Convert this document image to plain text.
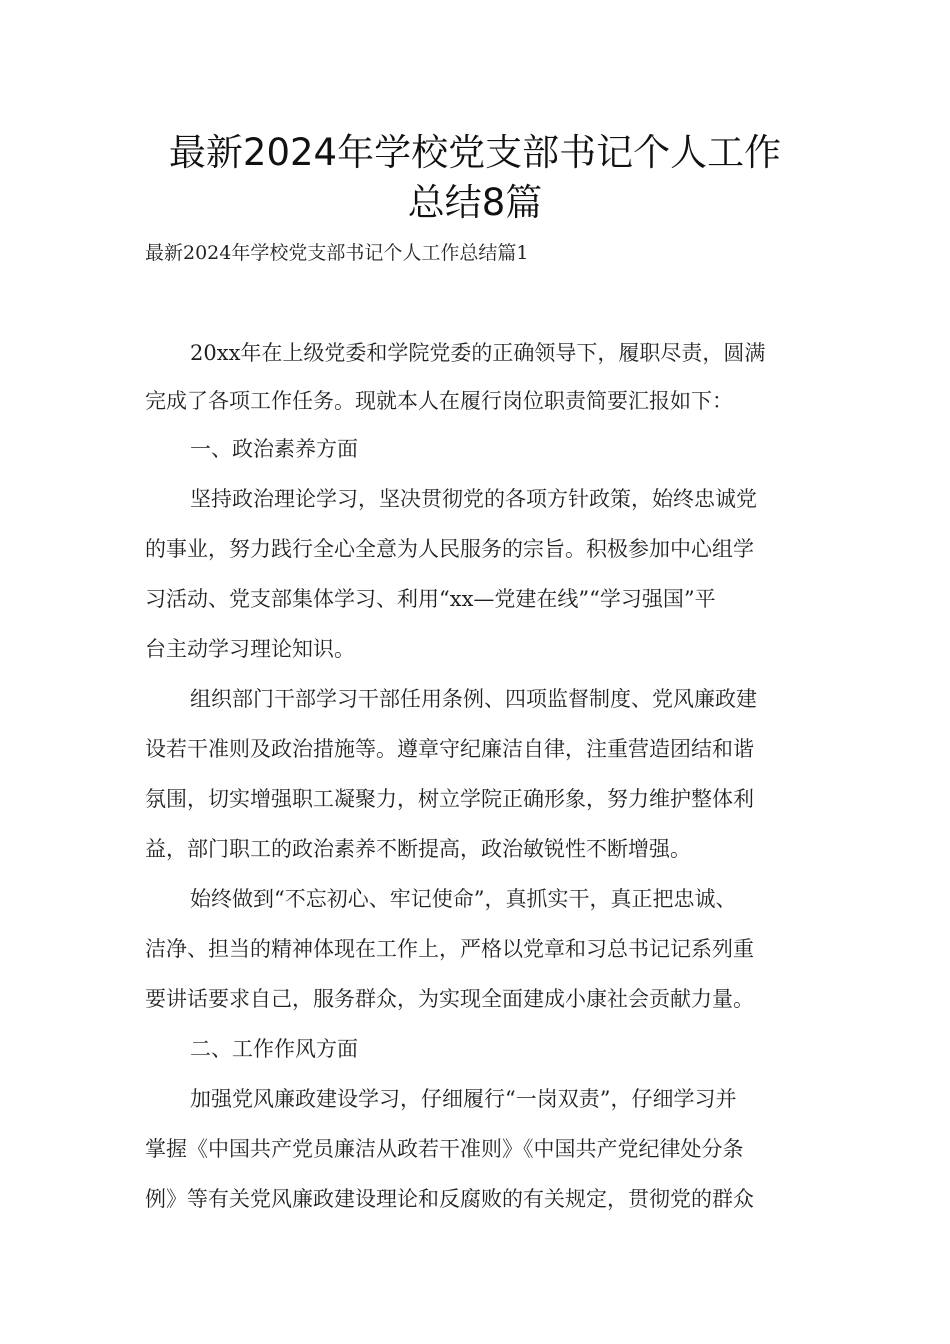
最新2024年学校党支部书记个人工作
总结8篇
最新2024年学校党支部书记个人工作总结篇1
20xx年在上级党委和学院党委的正确领导下，履职尽责，圆满
完成了各项工作任务。现就本人在履行岗位职责简要汇报如下：
一、政治素养方面
坚持政治理论学习，坚决贯彻党的各项方针政策，始终忠诚党
的事业，努力践行全心全意为人民服务的宗旨。积极参加中心组学
习活动、党支部集体学习、利用“xx—党建在线”“学习强国”平
台主动学习理论知识。
组织部门干部学习干部任用条例、四项监督制度、党风廉政建
设若干准则及政治措施等。遵章守纪廉洁自律，注重营造团结和谐
氛围，切实增强职工凝聚力，树立学院正确形象，努力维护整体利
益，部门职工的政治素养不断提高，政治敏锐性不断增强。
始终做到“不忘初心、牢记使命”，真抓实干，真正把忠诚、
洁净、担当的精神体现在工作上，严格以党章和习总书记记系列重
要讲话要求自己，服务群众，为实现全面建成小康社会贡献力量。
二、工作作风方面
加强党风廉政建设学习，仔细履行“一岗双责”，仔细学习并
掌握《中国共产党员廉洁从政若干准则》《中国共产党纪律处分条
例》等有关党风廉政建设理论和反腐败的有关规定，贯彻党的群众
